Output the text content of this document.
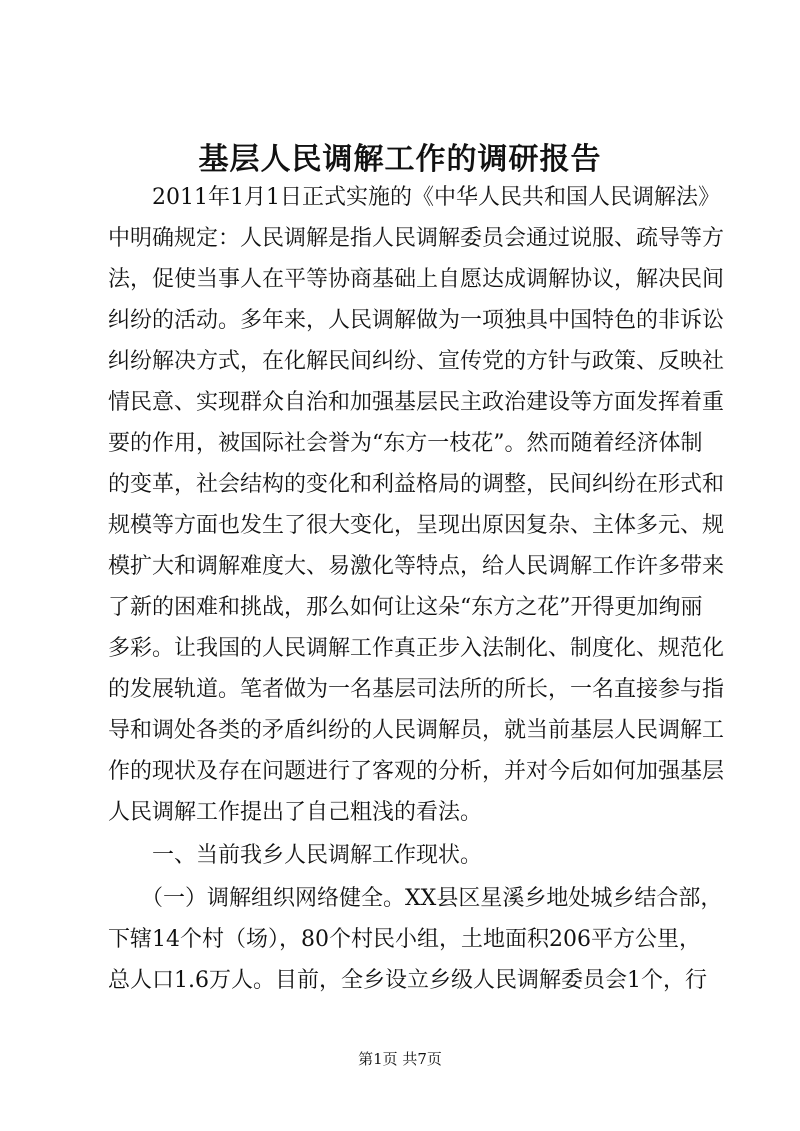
基层人民调解工作的调研报告
　　2011年1月1日正式实施的《中华人民共和国人民调解法》
中明确规定：人民调解是指人民调解委员会通过说服、疏导等方
法，促使当事人在平等协商基础上自愿达成调解协议，解决民间
纠纷的活动。多年来，人民调解做为一项独具中国特色的非诉讼
纠纷解决方式，在化解民间纠纷、宣传党的方针与政策、反映社
情民意、实现群众自治和加强基层民主政治建设等方面发挥着重
要的作用，被国际社会誉为“东方一枝花”。然而随着经济体制
的变革，社会结构的变化和利益格局的调整，民间纠纷在形式和
规模等方面也发生了很大变化，呈现出原因复杂、主体多元、规
模扩大和调解难度大、易激化等特点，给人民调解工作许多带来
了新的困难和挑战，那么如何让这朵“东方之花”开得更加绚丽
多彩。让我国的人民调解工作真正步入法制化、制度化、规范化
的发展轨道。笔者做为一名基层司法所的所长，一名直接参与指
导和调处各类的矛盾纠纷的人民调解员，就当前基层人民调解工
作的现状及存在问题进行了客观的分析，并对今后如何加强基层
人民调解工作提出了自己粗浅的看法。
　　一、当前我乡人民调解工作现状。
　　（一）调解组织网络健全。XX县区星溪乡地处城乡结合部，
下辖14个村（场），80个村民小组，土地面积206平方公里，
总人口1.6万人。目前，全乡设立乡级人民调解委员会1个，行
第1页 共7页
